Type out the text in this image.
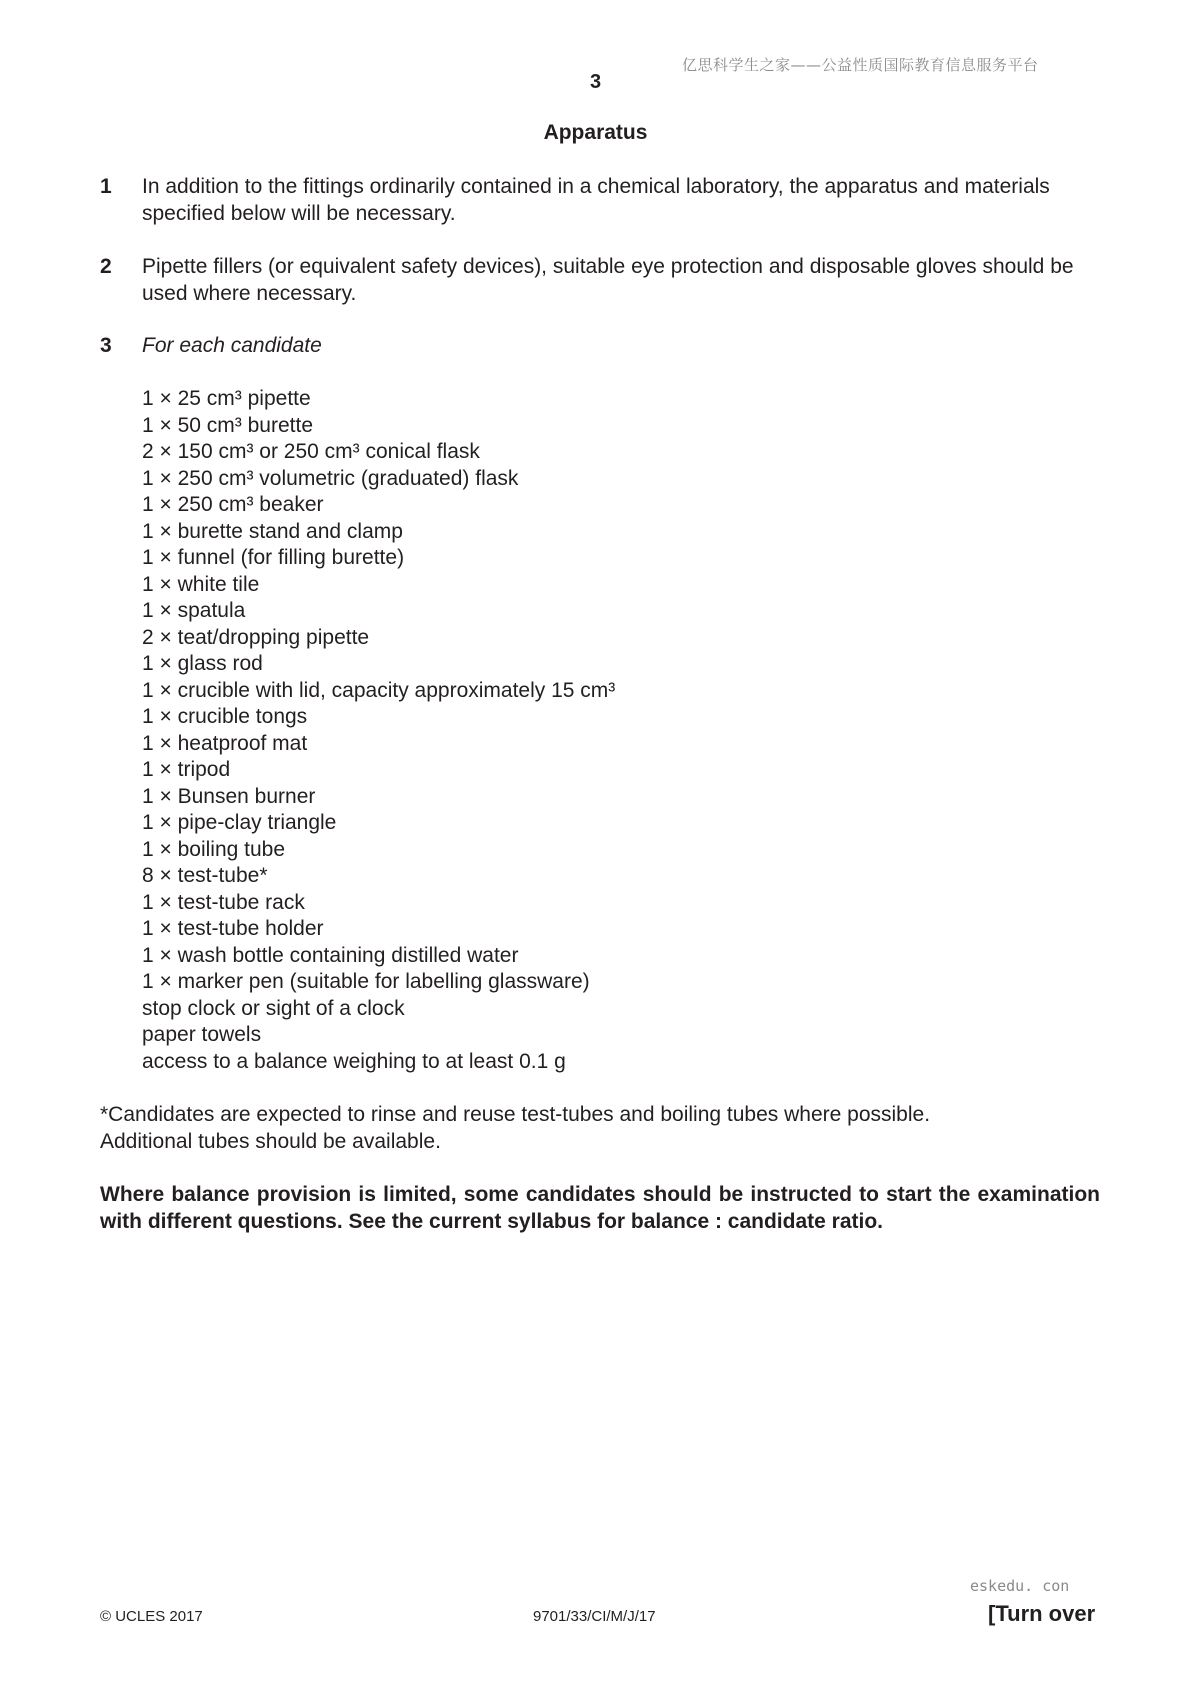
亿思科学生之家——公益性质国际教育信息服务平台
3
Apparatus
1 In addition to the fittings ordinarily contained in a chemical laboratory, the apparatus and materials specified below will be necessary.
2 Pipette fillers (or equivalent safety devices), suitable eye protection and disposable gloves should be used where necessary.
3 For each candidate
1 × 25 cm³ pipette
1 × 50 cm³ burette
2 × 150 cm³ or 250 cm³ conical flask
1 × 250 cm³ volumetric (graduated) flask
1 × 250 cm³ beaker
1 × burette stand and clamp
1 × funnel (for filling burette)
1 × white tile
1 × spatula
2 × teat/dropping pipette
1 × glass rod
1 × crucible with lid, capacity approximately 15 cm³
1 × crucible tongs
1 × heatproof mat
1 × tripod
1 × Bunsen burner
1 × pipe-clay triangle
1 × boiling tube
8 × test-tube*
1 × test-tube rack
1 × test-tube holder
1 × wash bottle containing distilled water
1 × marker pen (suitable for labelling glassware)
stop clock or sight of a clock
paper towels
access to a balance weighing to at least 0.1 g
*Candidates are expected to rinse and reuse test-tubes and boiling tubes where possible.
Additional tubes should be available.
Where balance provision is limited, some candidates should be instructed to start the examination with different questions. See the current syllabus for balance : candidate ratio.
eskedu. con
© UCLES 2017	9701/33/CI/M/J/17	[Turn over
